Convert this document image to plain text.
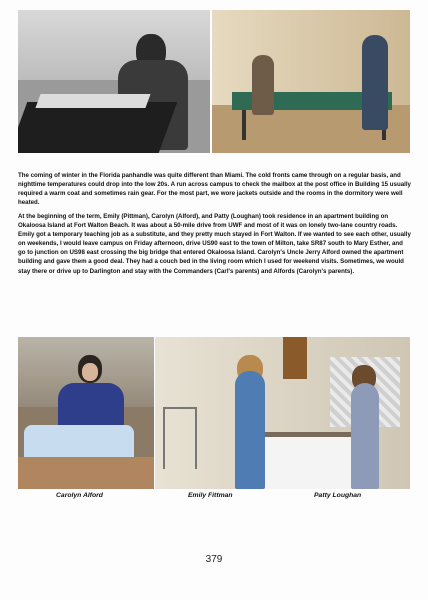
The coming of winter in the Florida panhandle was quite different than Miami. The cold fronts came through on a regular basis, and nighttime temperatures could drop into the low 20s. A run across campus to check the mailbox at the post office in Building 15 usually required a warm coat and sometimes rain gear. For the most part, we wore jackets outside and the rooms in the dormitory were well heated.

At the beginning of the term, Emily (Pittman), Carolyn (Alford), and Patty (Loughan) took residence in an apartment building on Okaloosa Island at Fort Walton Beach. It was about a 50-mile drive from UWF and most of it was on lonely two-lane country roads. Emily got a temporary teaching job as a substitute, and they pretty much stayed in Fort Walton. If we wanted to see each other, usually on weekends, I would leave campus on Friday afternoon, drive US90 east to the town of Milton, take SR87 south to Mary Esther, and go to junction on US98 east crossing the big bridge that entered Okaloosa Island. Carolyn's Uncle Jerry Alford owned the apartment building and gave them a good deal. They had a couch bed in the living room which I used for weekend visits. Sometimes, we would stay there or drive up to Darlington and stay with the Commanders (Carl's parents) and Alfords (Carolyn's parents).

Carolyn Alford	Emily Fittman	Patty Loughan
379
